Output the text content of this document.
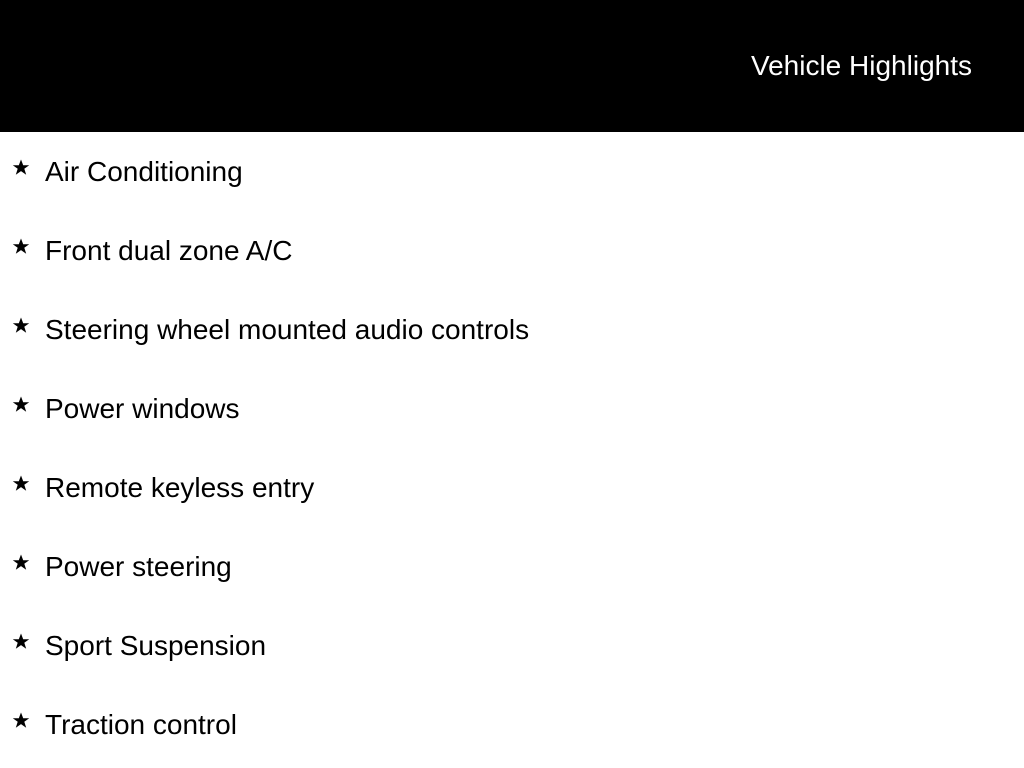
Vehicle Highlights
Air Conditioning
Front dual zone A/C
Steering wheel mounted audio controls
Power windows
Remote keyless entry
Power steering
Sport Suspension
Traction control
